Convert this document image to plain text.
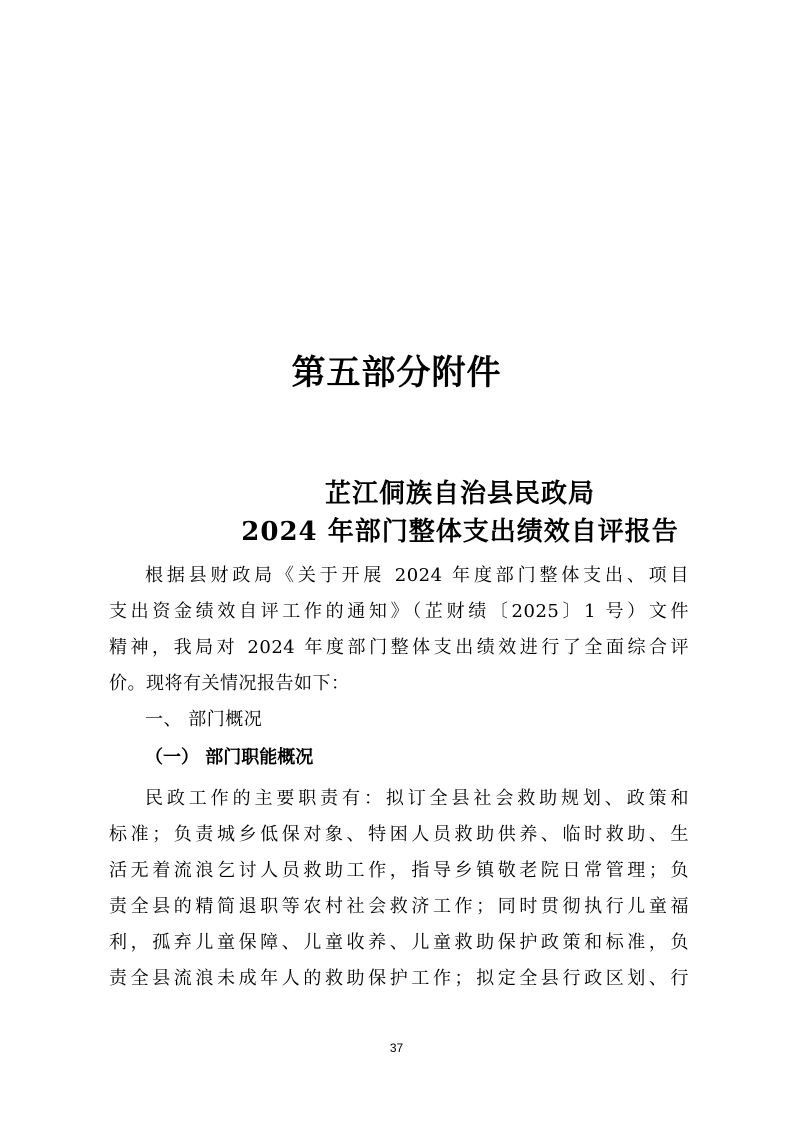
第五部分附件
芷江侗族自治县民政局
2024 年部门整体支出绩效自评报告
根据县财政局《关于开展 2024 年度部门整体支出、项目
支出资金绩效自评工作的通知》（芷财绩〔2025〕1 号）文件
精神，我局对 2024 年度部门整体支出绩效进行了全面综合评
价。现将有关情况报告如下：
一、 部门概况
（一） 部门职能概况
民政工作的主要职责有：拟订全县社会救助规划、政策和
标准；负责城乡低保对象、特困人员救助供养、临时救助、生
活无着流浪乞讨人员救助工作，指导乡镇敬老院日常管理；负
责全县的精简退职等农村社会救济工作；同时贯彻执行儿童福
利，孤弃儿童保障、儿童收养、儿童救助保护政策和标准，负
责全县流浪未成年人的救助保护工作；拟定全县行政区划、行
37
